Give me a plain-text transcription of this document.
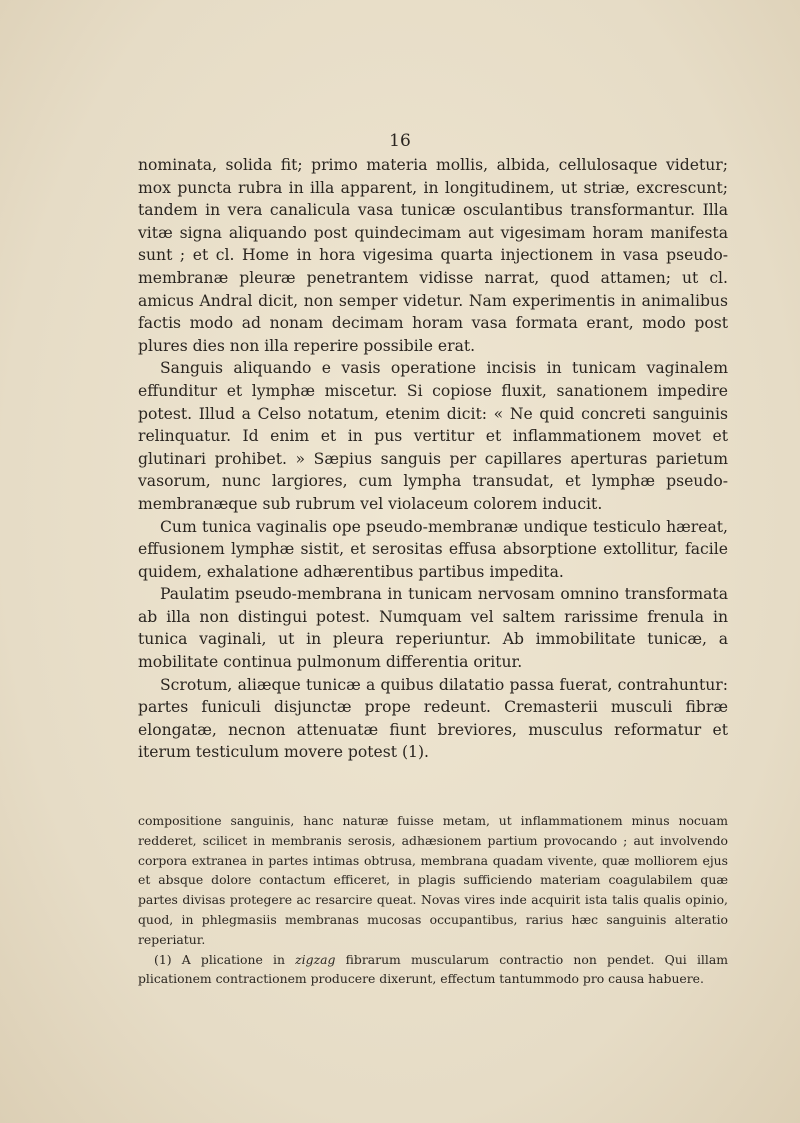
16

nominata, solida fit; primo materia mollis, albida, cellulosaque videtur; mox puncta rubra in illa apparent, in longitudinem, ut striæ, excrescunt; tandem in vera canalicula vasa tunicæ osculantibus transformantur. Illa vitæ signa aliquando post quindecimam aut vigesimam horam manifesta sunt ; et cl. Home in hora vigesima quarta injectionem in vasa pseudo-membranæ pleuræ penetrantem vidisse narrat, quod attamen; ut cl. amicus Andral dicit, non semper videtur. Nam experimentis in animalibus factis modo ad nonam decimam horam vasa formata erant, modo post plures dies non illa reperire possibile erat.

Sanguis aliquando e vasis operatione incisis in tunicam vaginalem effunditur et lymphæ miscetur. Si copiose fluxit, sanationem impedire potest. Illud a Celso notatum, etenim dicit: « Ne quid concreti sanguinis relinquatur. Id enim et in pus vertitur et inflammationem movet et glutinari prohibet. » Sæpius sanguis per capillares aperturas parietum vasorum, nunc largiores, cum lympha transudat, et lymphæ pseudo-membranæque sub rubrum vel violaceum colorem inducit.

Cum tunica vaginalis ope pseudo-membranæ undique testiculo hæreat, effusionem lymphæ sistit, et serositas effusa absorptione extollitur, facile quidem, exhalatione adhærentibus partibus impedita.

Paulatim pseudo-membrana in tunicam nervosam omnino transformata ab illa non distingui potest. Numquam vel saltem rarissime frenula in tunica vaginali, ut in pleura reperiuntur. Ab immobilitate tunicæ, a mobilitate continua pulmonum differentia oritur.

Scrotum, aliæque tunicæ a quibus dilatatio passa fuerat, contrahuntur: partes funiculi disjunctæ prope redeunt. Cremasterii musculi fibræ elongatæ, necnon attenuatæ fiunt breviores, musculus reformatur et iterum testiculum movere potest (1).

compositione sanguinis, hanc naturæ fuisse metam, ut inflammationem minus nocuam redderet, scilicet in membranis serosis, adhæsionem partium provocando ; aut involvendo corpora extranea in partes intimas obtrusa, membrana quadam vivente, quæ molliorem ejus et absque dolore contactum efficeret, in plagis sufficiendo materiam coagulabilem quæ partes divisas protegere ac resarcire queat. Novas vires inde acquirit ista talis qualis opinio, quod, in phlegmasiis membranas mucosas occupantibus, rarius hæc sanguinis alteratio reperiatur.

(1) A plicatione in zigzag fibrarum muscularum contractio non pendet. Qui illam plicationem contractionem producere dixerunt, effectum tantummodo pro causa habuere.
